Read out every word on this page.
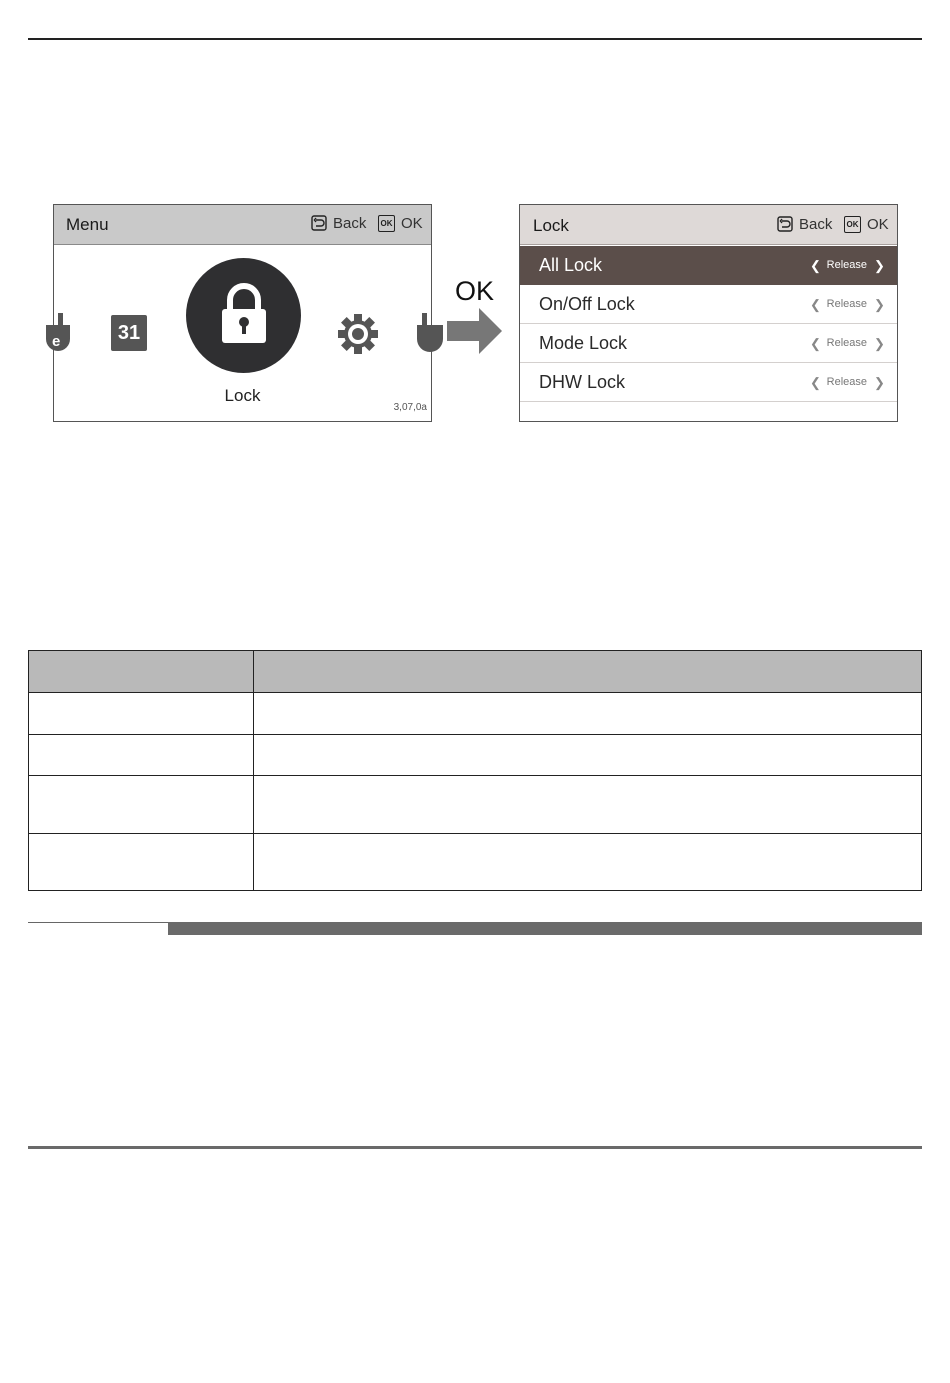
Menu	Back	OK OK
e	31
Lock
3,07,0a
OK
Lock	Back	OK OK
All Lock	❮ Release ❯
On/Off Lock	❮ Release ❯
Mode Lock	❮ Release ❯
DHW Lock	❮ Release ❯
